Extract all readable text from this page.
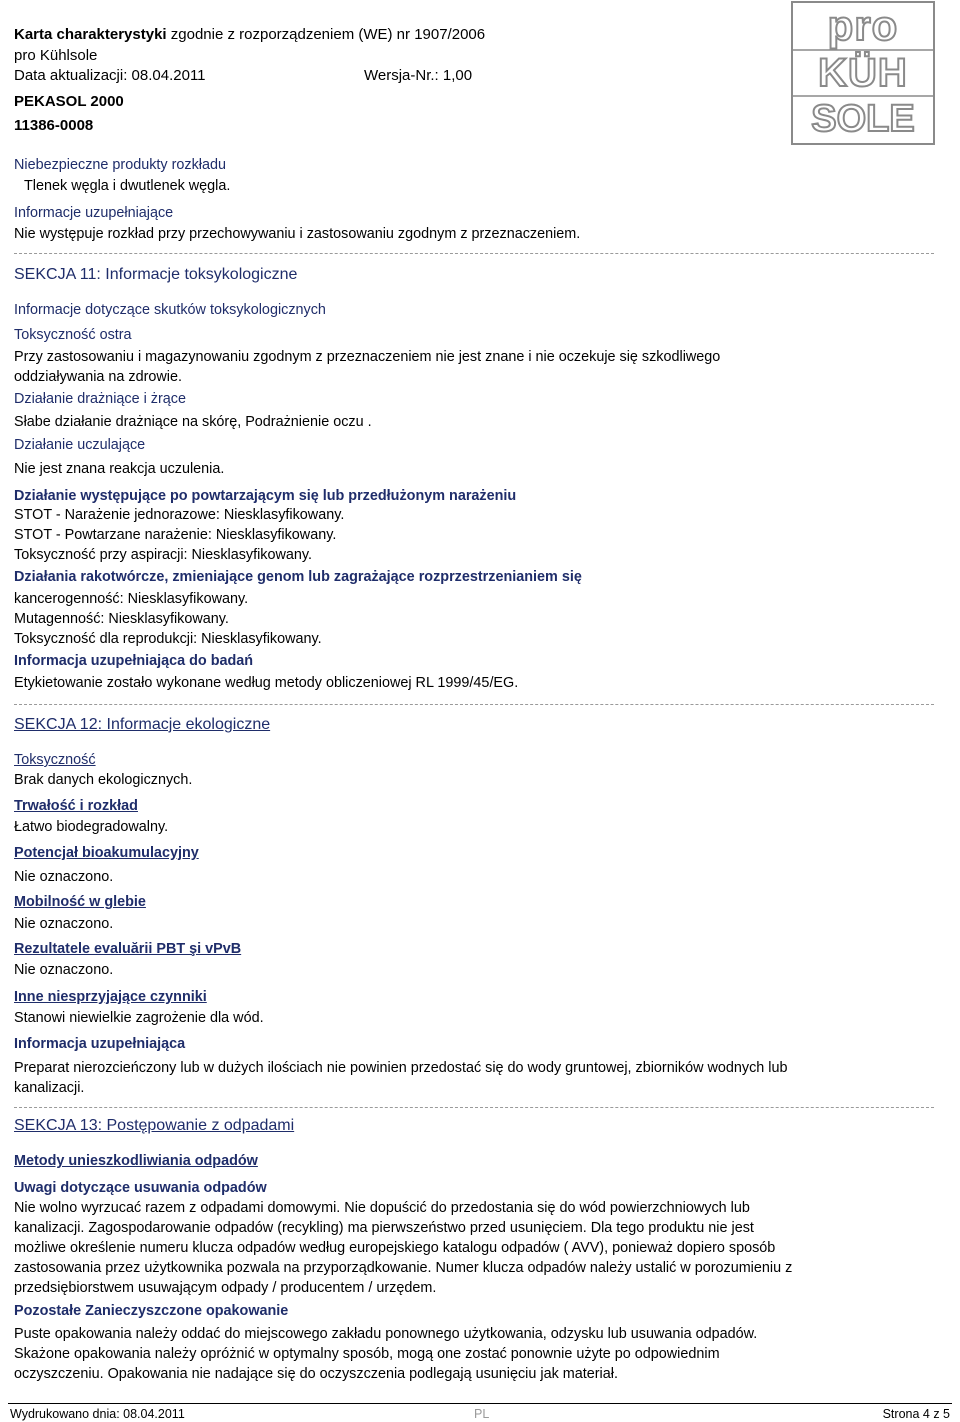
Karta charakterystyki zgodnie z rozporządzeniem (WE) nr 1907/2006
pro Kühlsole
Data aktualizacji: 08.04.2011	Wersja-Nr.: 1,00
PEKASOL 2000
11386-0008
pro
KÜH
SOLE
Niebezpieczne produkty rozkładu
Tlenek węgla i dwutlenek węgla.
Informacje uzupełniające
Nie występuje rozkład przy przechowywaniu i zastosowaniu zgodnym z przeznaczeniem.
SEKCJA 11: Informacje toksykologiczne
Informacje dotyczące skutków toksykologicznych
Toksyczność ostra
Przy zastosowaniu i magazynowaniu zgodnym z przeznaczeniem nie jest znane i nie oczekuje się szkodliwego
oddziaływania na zdrowie.
Działanie drażniące i żrące
Słabe działanie drażniące na skórę, Podrażnienie oczu .
Działanie uczulające
Nie jest znana reakcja uczulenia.
Działanie występujące po powtarzającym się lub przedłużonym narażeniu
STOT - Narażenie jednorazowe: Niesklasyfikowany.
STOT - Powtarzane narażenie: Niesklasyfikowany.
Toksyczność przy aspiracji: Niesklasyfikowany.
Działania rakotwórcze, zmieniające genom lub zagrażające rozprzestrzenianiem się
kancerogenność: Niesklasyfikowany.
Mutagenność: Niesklasyfikowany.
Toksyczność dla reprodukcji: Niesklasyfikowany.
Informacja uzupełniająca do badań
Etykietowanie zostało wykonane według metody obliczeniowej RL 1999/45/EG.
SEKCJA 12: Informacje ekologiczne
Toksyczność
Brak danych ekologicznych.
Trwałość i rozkład
Łatwo biodegradowalny.
Potencjał bioakumulacyjny
Nie oznaczono.
Mobilność w glebie
Nie oznaczono.
Rezultatele evaluării PBT şi vPvB
Nie oznaczono.
Inne niesprzyjające czynniki
Stanowi niewielkie zagrożenie dla wód.
Informacja uzupełniająca
Preparat nierozcieńczony lub w dużych ilościach nie powinien przedostać się do wody gruntowej, zbiorników wodnych lub
kanalizacji.
SEKCJA 13: Postępowanie z odpadami
Metody unieszkodliwiania odpadów
Uwagi dotyczące usuwania odpadów
Nie wolno wyrzucać razem z odpadami domowymi. Nie dopuścić do przedostania się do wód powierzchniowych lub
kanalizacji. Zagospodarowanie odpadów (recykling) ma pierwszeństwo przed usunięciem. Dla tego produktu nie jest
możliwe określenie numeru klucza odpadów według europejskiego katalogu odpadów ( AVV), ponieważ dopiero sposób
zastosowania przez użytkownika pozwala na przyporządkowanie. Numer klucza odpadów należy ustalić w porozumieniu z
przedsiębiorstwem usuwającym odpady / producentem / urzędem.
Pozostałe Zanieczyszczone opakowanie
Puste opakowania należy oddać do miejscowego zakładu ponownego użytkowania, odzysku lub usuwania odpadów.
Skażone opakowania należy opróżnić w optymalny sposób, mogą one zostać ponownie użyte po odpowiednim
oczyszczeniu. Opakowania nie nadające się do oczyszczenia podlegają usunięciu jak materiał.
Wydrukowano dnia: 08.04.2011	PL	Strona 4 z 5
